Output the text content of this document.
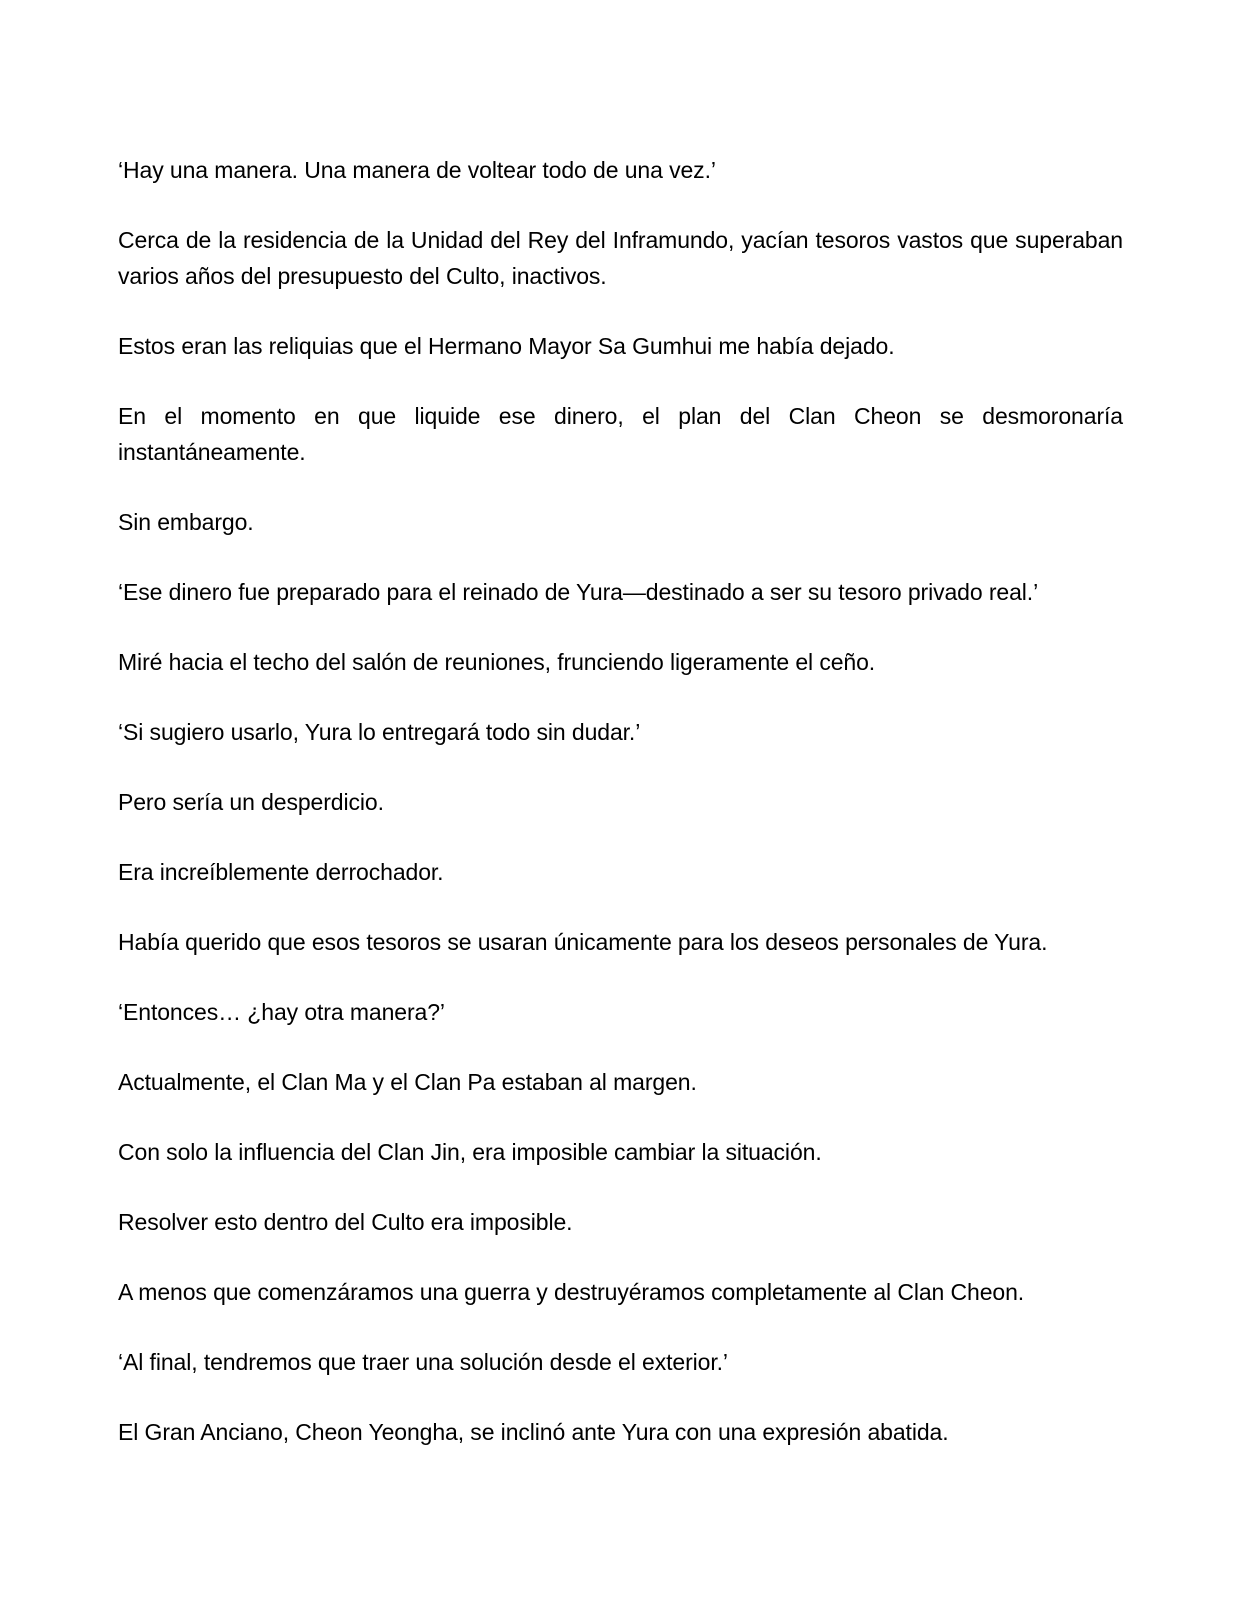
‘Hay una manera. Una manera de voltear todo de una vez.’

Cerca de la residencia de la Unidad del Rey del Inframundo, yacían tesoros vastos que superaban varios años del presupuesto del Culto, inactivos.

Estos eran las reliquias que el Hermano Mayor Sa Gumhui me había dejado.

En el momento en que liquide ese dinero, el plan del Clan Cheon se desmoronaría instantáneamente.

Sin embargo.

‘Ese dinero fue preparado para el reinado de Yura—destinado a ser su tesoro privado real.’

Miré hacia el techo del salón de reuniones, frunciendo ligeramente el ceño.

‘Si sugiero usarlo, Yura lo entregará todo sin dudar.’

Pero sería un desperdicio.

Era increíblemente derrochador.

Había querido que esos tesoros se usaran únicamente para los deseos personales de Yura.

‘Entonces… ¿hay otra manera?’

Actualmente, el Clan Ma y el Clan Pa estaban al margen.

Con solo la influencia del Clan Jin, era imposible cambiar la situación.

Resolver esto dentro del Culto era imposible.

A menos que comenzáramos una guerra y destruyéramos completamente al Clan Cheon.

‘Al final, tendremos que traer una solución desde el exterior.’

El Gran Anciano, Cheon Yeongha, se inclinó ante Yura con una expresión abatida.
